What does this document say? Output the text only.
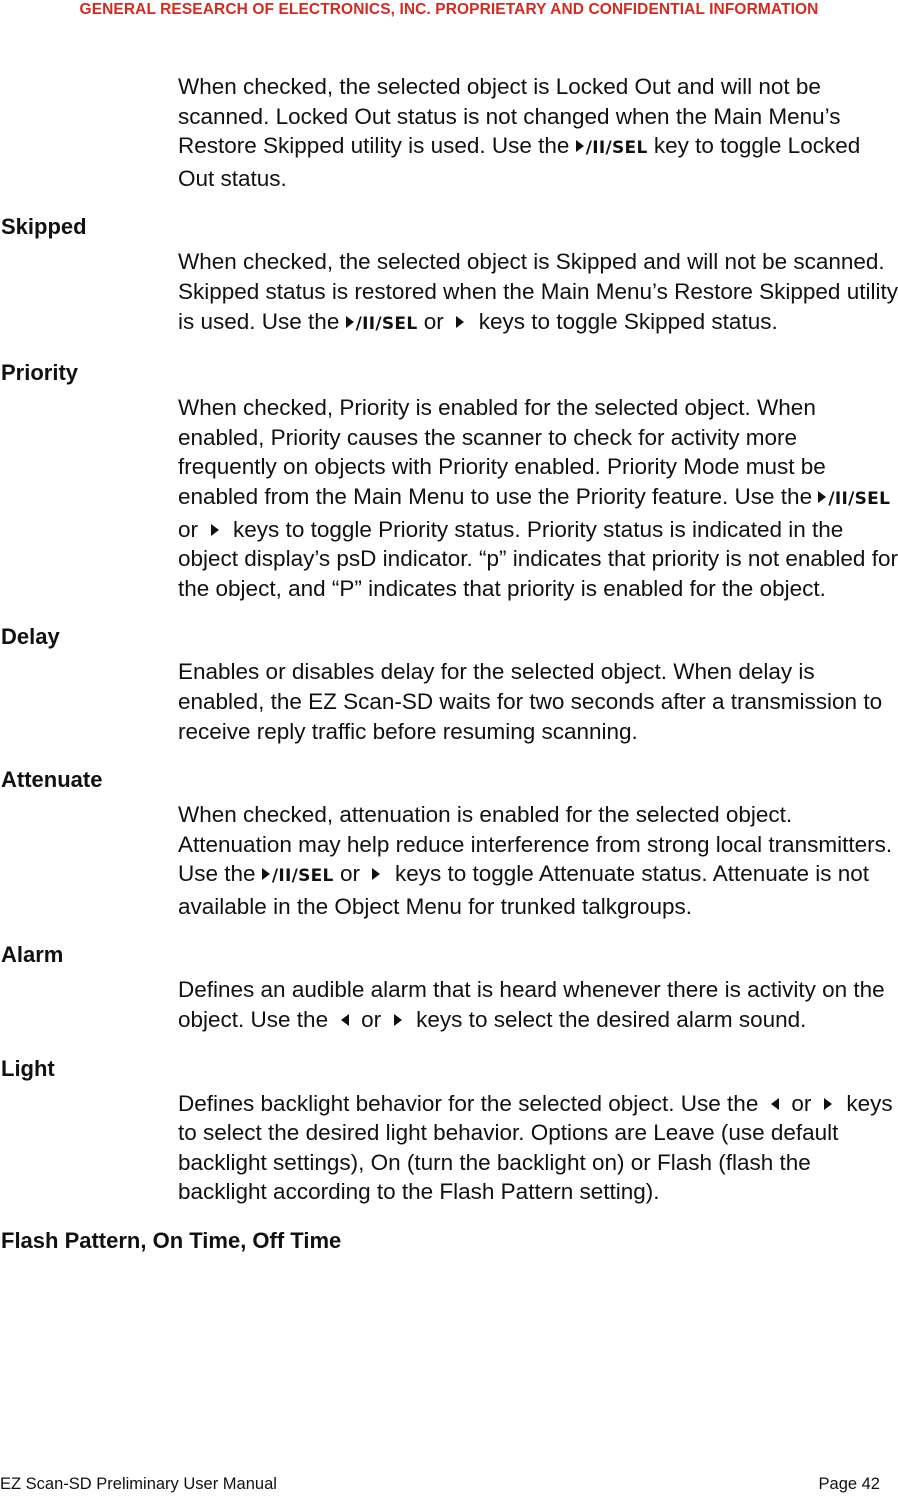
GENERAL RESEARCH OF ELECTRONICS, INC. PROPRIETARY AND CONFIDENTIAL INFORMATION

When checked, the selected object is Locked Out and will not be scanned. Locked Out status is not changed when the Main Menu’s Restore Skipped utility is used. Use the /II/SEL key to toggle Locked Out status.

Skipped

When checked, the selected object is Skipped and will not be scanned. Skipped status is restored when the Main Menu’s Restore Skipped utility is used. Use the /II/SEL or keys to toggle Skipped status.

Priority

When checked, Priority is enabled for the selected object. When enabled, Priority causes the scanner to check for activity more frequently on objects with Priority enabled. Priority Mode must be enabled from the Main Menu to use the Priority feature. Use the /II/SEL or keys to toggle Priority status. Priority status is indicated in the object display’s psD indicator. “p” indicates that priority is not enabled for the object, and “P” indicates that priority is enabled for the object.

Delay

Enables or disables delay for the selected object. When delay is enabled, the EZ Scan-SD waits for two seconds after a transmission to receive reply traffic before resuming scanning.

Attenuate

When checked, attenuation is enabled for the selected object. Attenuation may help reduce interference from strong local transmitters. Use the /II/SEL or keys to toggle Attenuate status. Attenuate is not available in the Object Menu for trunked talkgroups.

Alarm

Defines an audible alarm that is heard whenever there is activity on the object. Use the or keys to select the desired alarm sound.

Light

Defines backlight behavior for the selected object. Use the or keys to select the desired light behavior. Options are Leave (use default backlight settings), On (turn the backlight on) or Flash (flash the backlight according to the Flash Pattern setting).

Flash Pattern, On Time, Off Time
EZ Scan-SD Preliminary User Manual	Page 42
